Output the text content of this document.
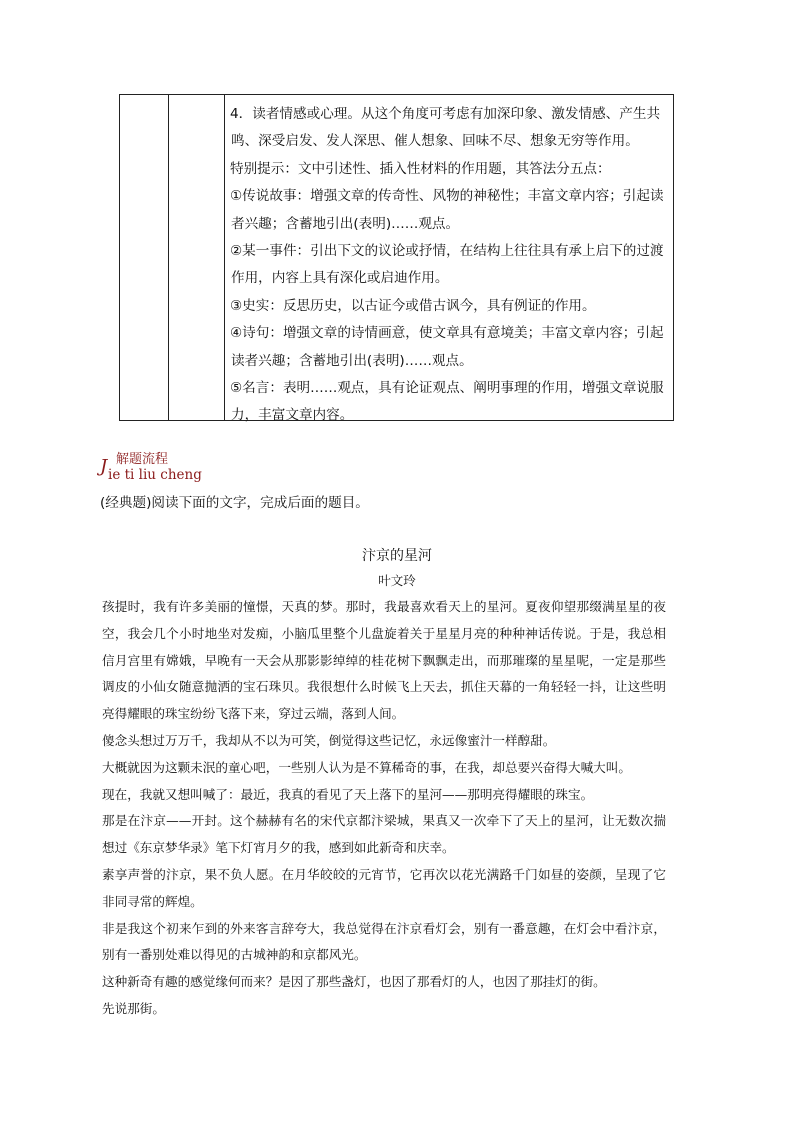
4．读者情感或心理。从这个角度可考虑有加深印象、激发情感、产生共鸣、深受启发、发人深思、催人想象、回味不尽、想象无穷等作用。

特别提示：文中引述性、插入性材料的作用题，其答法分五点：

①传说故事：增强文章的传奇性、风物的神秘性；丰富文章内容；引起读者兴趣；含蓄地引出(表明)……观点。

②某一事件：引出下文的议论或抒情，在结构上往往具有承上启下的过渡作用，内容上具有深化或启迪作用。

③史实：反思历史，以古证今或借古讽今，具有例证的作用。

④诗句：增强文章的诗情画意，使文章具有意境美；丰富文章内容；引起读者兴趣；含蓄地引出(表明)……观点。

⑤名言：表明……观点，具有论证观点、阐明事理的作用，增强文章说服力，丰富文章内容。

J 解题流程
ie ti liu cheng
(经典题)阅读下面的文字，完成后面的题目。
汴京的星河
叶文玲

孩提时，我有许多美丽的憧憬，天真的梦。那时，我最喜欢看天上的星河。夏夜仰望那缀满星星的夜空，我会几个小时地坐对发痴，小脑瓜里整个儿盘旋着关于星星月亮的种种神话传说。于是，我总相信月宫里有嫦娥，早晚有一天会从那影影绰绰的桂花树下飘飘走出，而那璀璨的星星呢，一定是那些调皮的小仙女随意抛洒的宝石珠贝。我很想什么时候飞上天去，抓住天幕的一角轻轻一抖，让这些明亮得耀眼的珠宝纷纷飞落下来，穿过云端，落到人间。

傻念头想过万万千，我却从不以为可笑，倒觉得这些记忆，永远像蜜汁一样醇甜。

大概就因为这颗未泯的童心吧，一些别人认为是不算稀奇的事，在我，却总要兴奋得大喊大叫。

现在，我就又想叫喊了：最近，我真的看见了天上落下的星河——那明亮得耀眼的珠宝。

那是在汴京——开封。这个赫赫有名的宋代京都汴梁城，果真又一次牵下了天上的星河，让无数次揣想过《东京梦华录》笔下灯宵月夕的我，感到如此新奇和庆幸。

素享声誉的汴京，果不负人愿。在月华皎皎的元宵节，它再次以花光满路千门如昼的姿颜，呈现了它非同寻常的辉煌。

非是我这个初来乍到的外来客言辞夸大，我总觉得在汴京看灯会，别有一番意趣，在灯会中看汴京，别有一番别处难以得见的古城神韵和京都风光。

这种新奇有趣的感觉缘何而来？是因了那些盏灯，也因了那看灯的人，也因了那挂灯的街。

先说那街。
